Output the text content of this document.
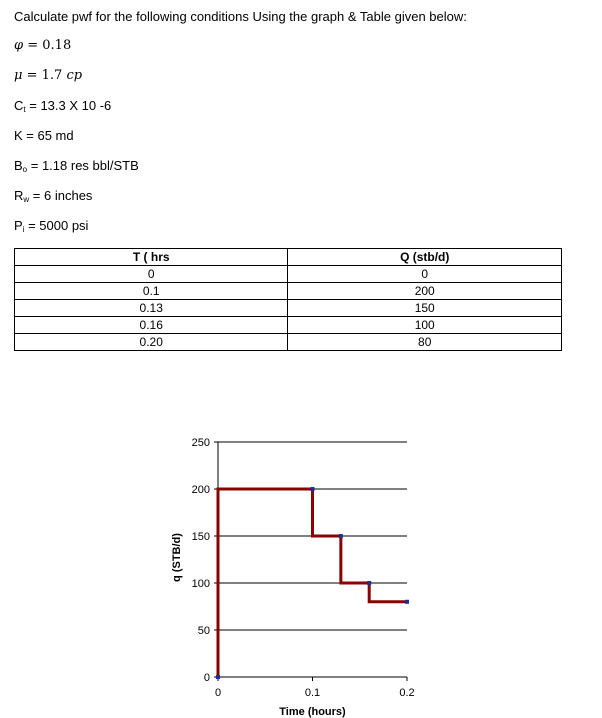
Calculate pwf for the following conditions Using the graph & Table given below:
φ = 0.18
μ = 1.7 cp
$C_t = 13.3$ X 10 -6
K = 65 md
$B_o = 1.18$ res bbl/STB
$R_w = 6$ inches
$P_i = 5000$ psi
T ( hrs	Q (stb/d)
0	0
0.1	200
0.13	150
0.16	100
0.20	80
0
50
100
150
200
250
0	0.1	0.2
Time (hours)
q (STB/d)
